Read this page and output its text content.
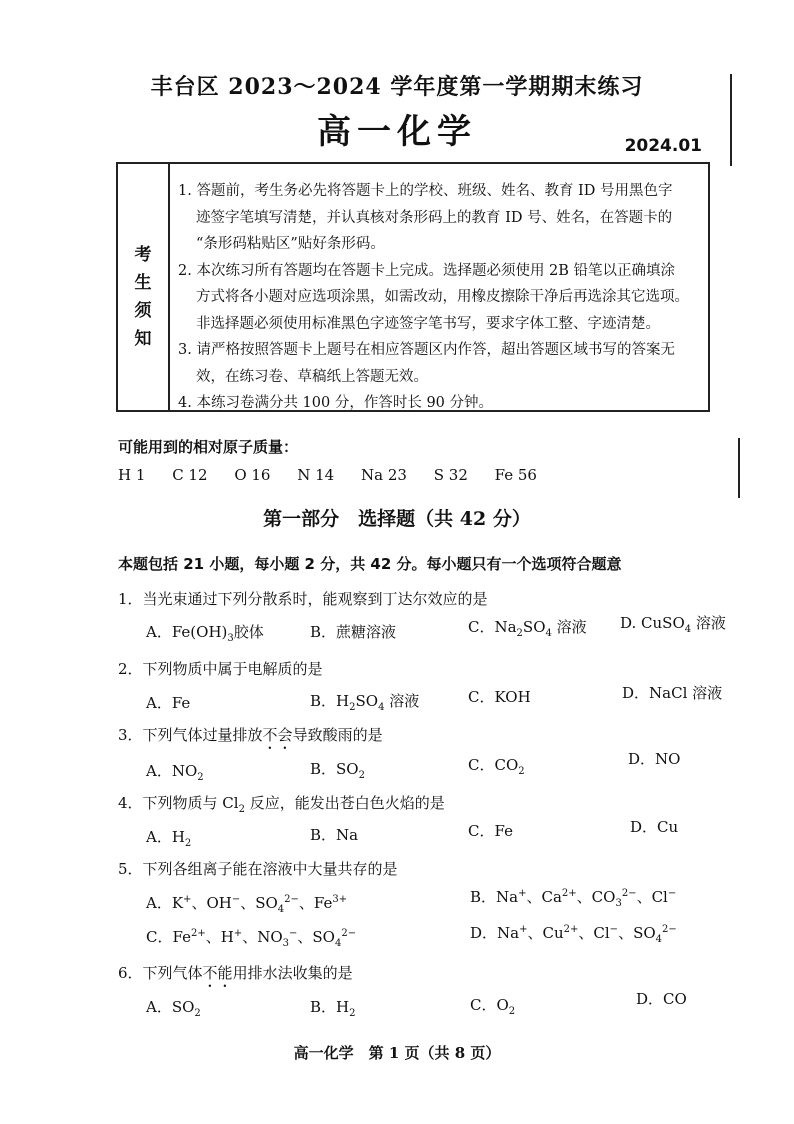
丰台区 2023～2024 学年度第一学期期末练习
高一化学	2024.01
考
生
须
知
1. 答题前，考生务必先将答题卡上的学校、班级、姓名、教育 ID 号用黑色字
迹签字笔填写清楚，并认真核对条形码上的教育 ID 号、姓名，在答题卡的
“条形码粘贴区”贴好条形码。
2. 本次练习所有答题均在答题卡上完成。选择题必须使用 2B 铅笔以正确填涂
方式将各小题对应选项涂黑，如需改动，用橡皮擦除干净后再选涂其它选项。
非选择题必须使用标准黑色字迹签字笔书写，要求字体工整、字迹清楚。
3. 请严格按照答题卡上题号在相应答题区内作答，超出答题区域书写的答案无
效，在练习卷、草稿纸上答题无效。
4. 本练习卷满分共 100 分，作答时长 90 分钟。
可能用到的相对原子质量：
H 1 C 12 O 16 N 14 Na 23 S 32 Fe 56
第一部分　选择题（共 42 分）
本题包括 21 小题，每小题 2 分，共 42 分。每小题只有一个选项符合题意
1．当光束通过下列分散系时，能观察到丁达尔效应的是
A．$Fe(OH)_3$胶体	B．蔗糖溶液	C．$Na_2SO_4$ 溶液 D. CuSO$_4$ 溶液
2．下列物质中属于电解质的是
A．Fe	B．$H_2SO_4$ 溶液	C．KOH	D．NaCl 溶液
3．下列气体过量排放不会导致酸雨的是
A．$NO_2$	B．$SO_2$
C．$CO_2$
D．NO
4．下列物质与 $Cl_2$ 反应，能发出苍白色火焰的是
A．$H_2$	B．Na	C．Fe	D．Cu
5．下列各组离子能在溶液中大量共存的是
A．K+、OH−、$SO_4^{2-}$、$Fe^{3+}$	B．Na+、$Ca^{2+}$、$CO_3^{2-}$、Cl−
C．$Fe^{2+}$、H+、$NO_3^-$、$SO_4^{2-}$	D．Na+、$Cu^{2+}$、Cl−、$SO_4^{2-}$
6．下列气体不能用排水法收集的是
A．$SO_2$	B．$H_2$	C．$O_2$
D．CO
高一化学　第 1 页（共 8 页）
